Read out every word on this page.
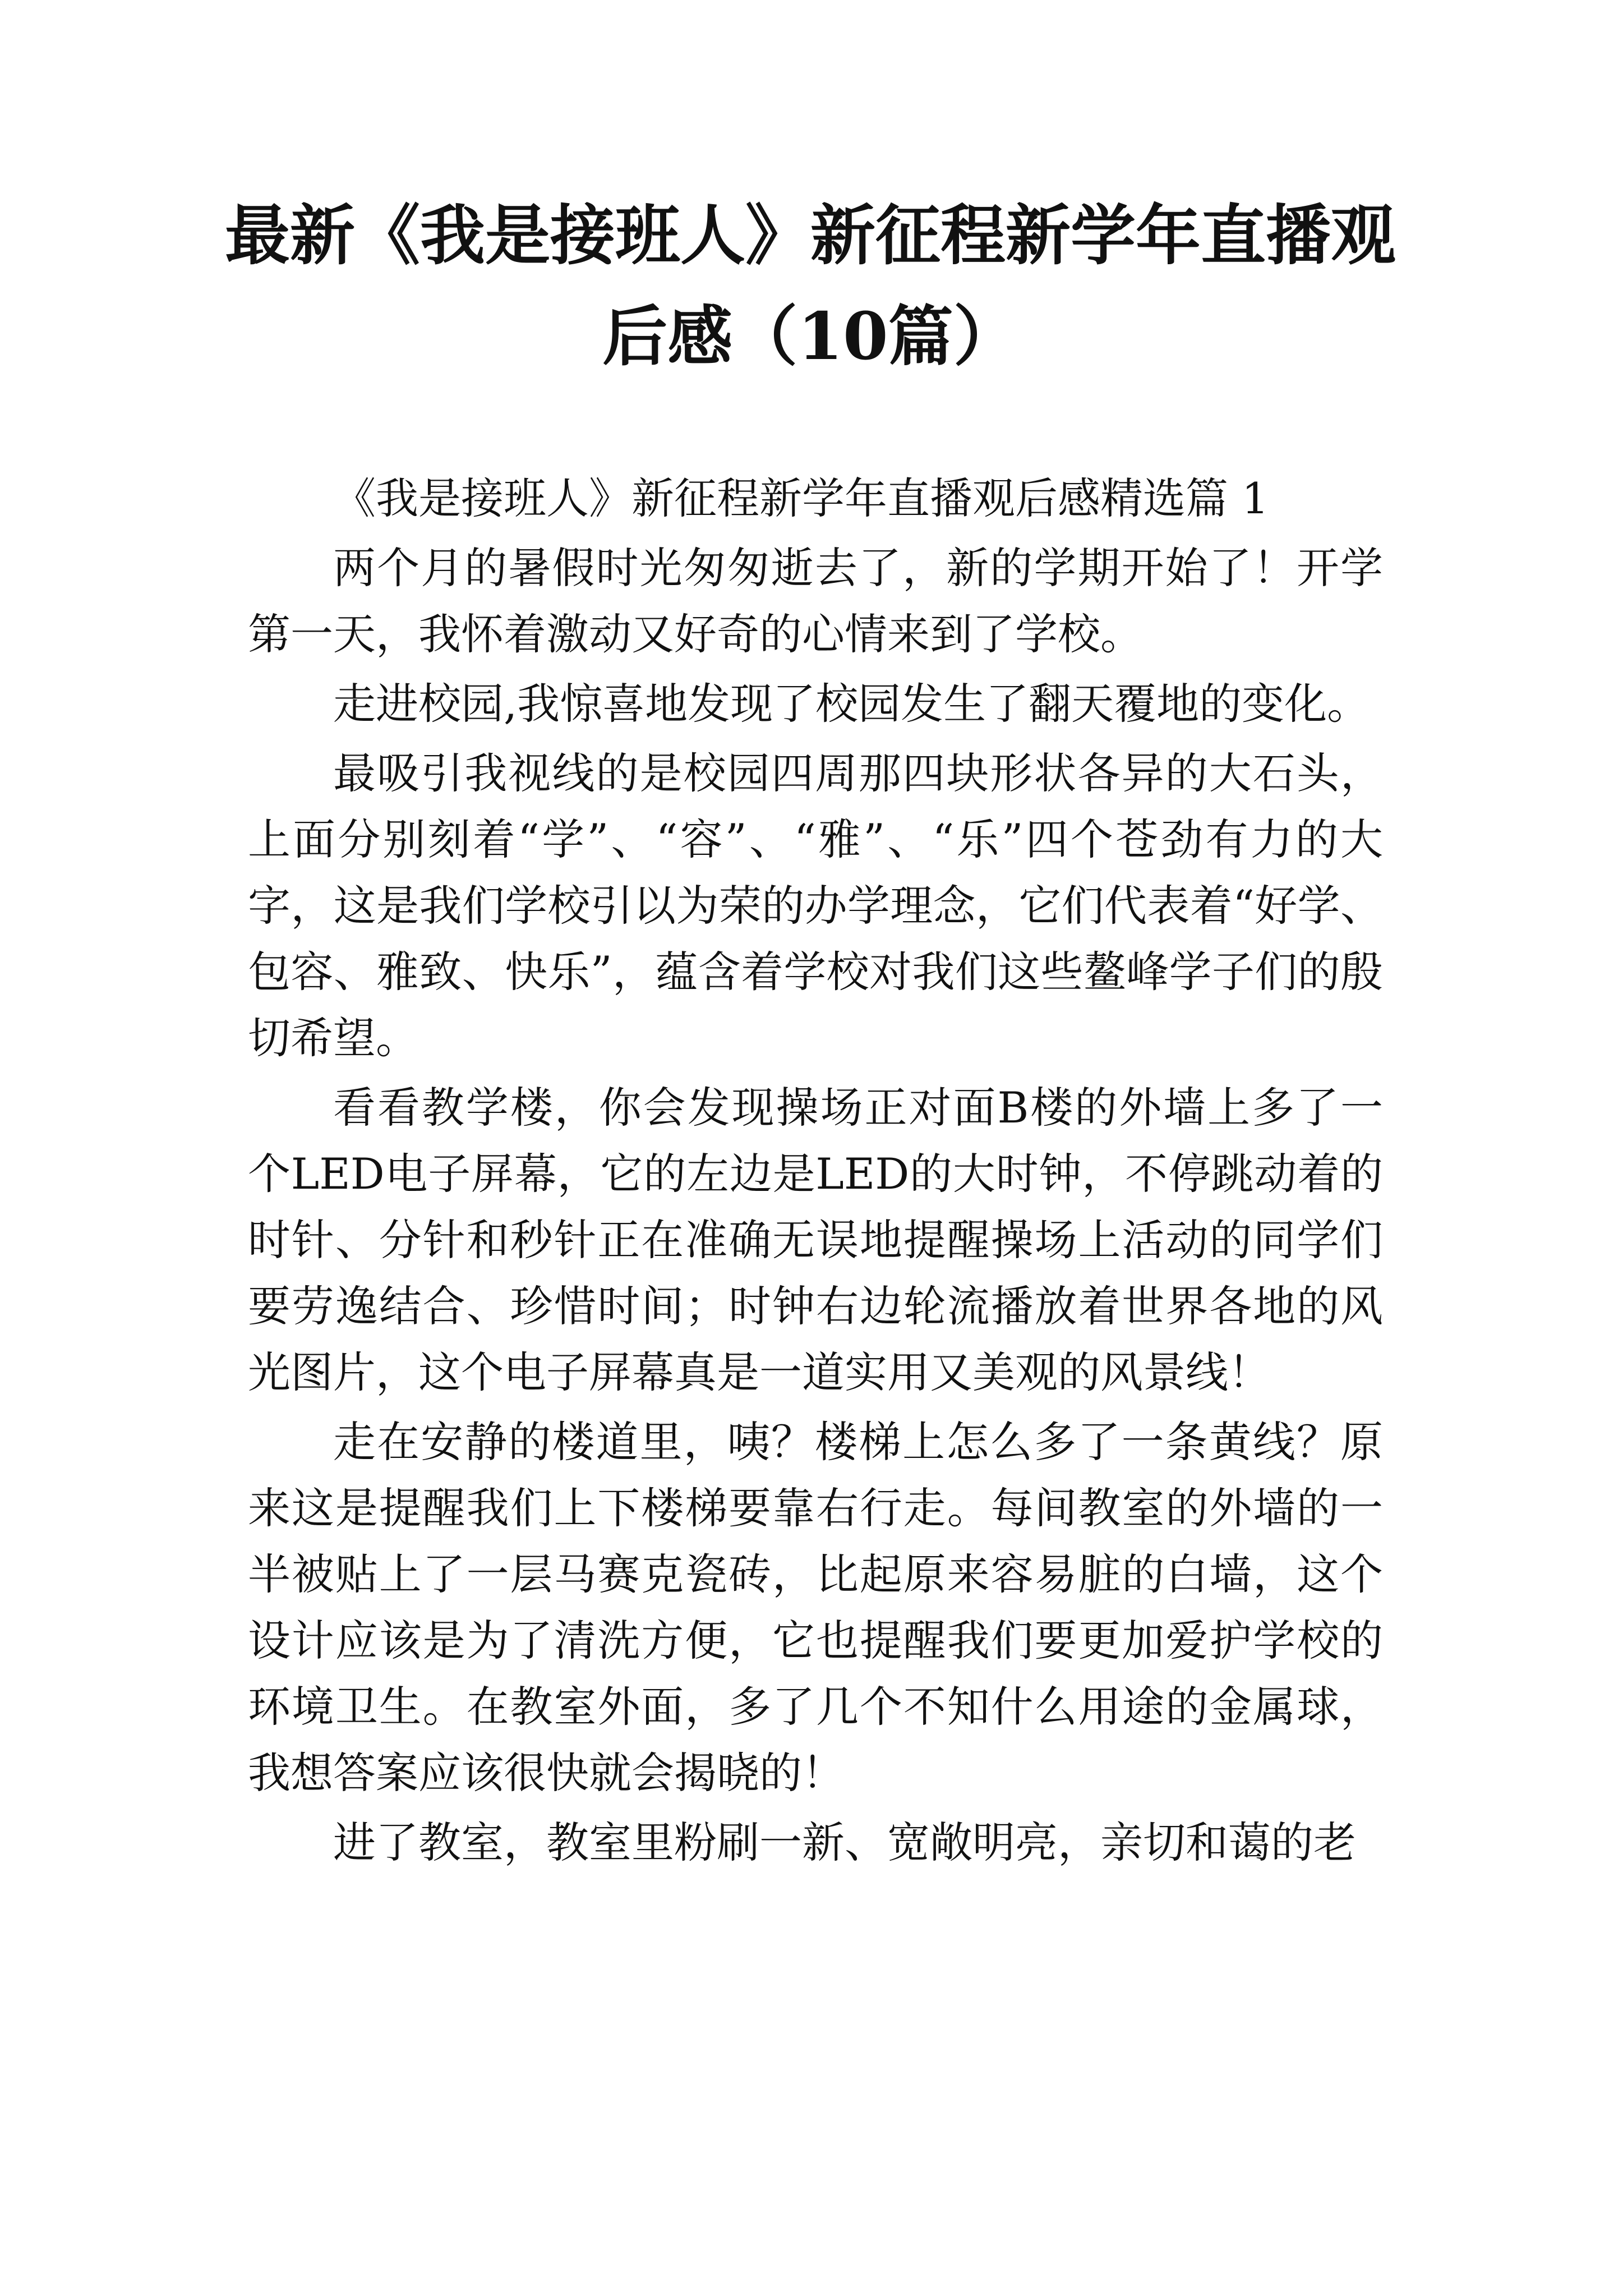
最新《我是接班人》新征程新学年直播观后感（10篇）

《我是接班人》新征程新学年直播观后感精选篇 1

两个月的暑假时光匆匆逝去了，新的学期开始了！开学第一天，我怀着激动又好奇的心情来到了学校。

走进校园,我惊喜地发现了校园发生了翻天覆地的变化。

最吸引我视线的是校园四周那四块形状各异的大石头，上面分别刻着“学”、“容”、“雅”、“乐”四个苍劲有力的大字，这是我们学校引以为荣的办学理念，它们代表着“好学、包容、雅致、快乐”，蕴含着学校对我们这些鳌峰学子们的殷切希望。

看看教学楼，你会发现操场正对面B楼的外墙上多了一个LED电子屏幕，它的左边是LED的大时钟，不停跳动着的时针、分针和秒针正在准确无误地提醒操场上活动的同学们要劳逸结合、珍惜时间；时钟右边轮流播放着世界各地的风光图片，这个电子屏幕真是一道实用又美观的风景线！

走在安静的楼道里，咦？楼梯上怎么多了一条黄线？原来这是提醒我们上下楼梯要靠右行走。每间教室的外墙的一半被贴上了一层马赛克瓷砖，比起原来容易脏的白墙，这个设计应该是为了清洗方便，它也提醒我们要更加爱护学校的环境卫生。在教室外面，多了几个不知什么用途的金属球，我想答案应该很快就会揭晓的！

进了教室，教室里粉刷一新、宽敞明亮，亲切和蔼的老
